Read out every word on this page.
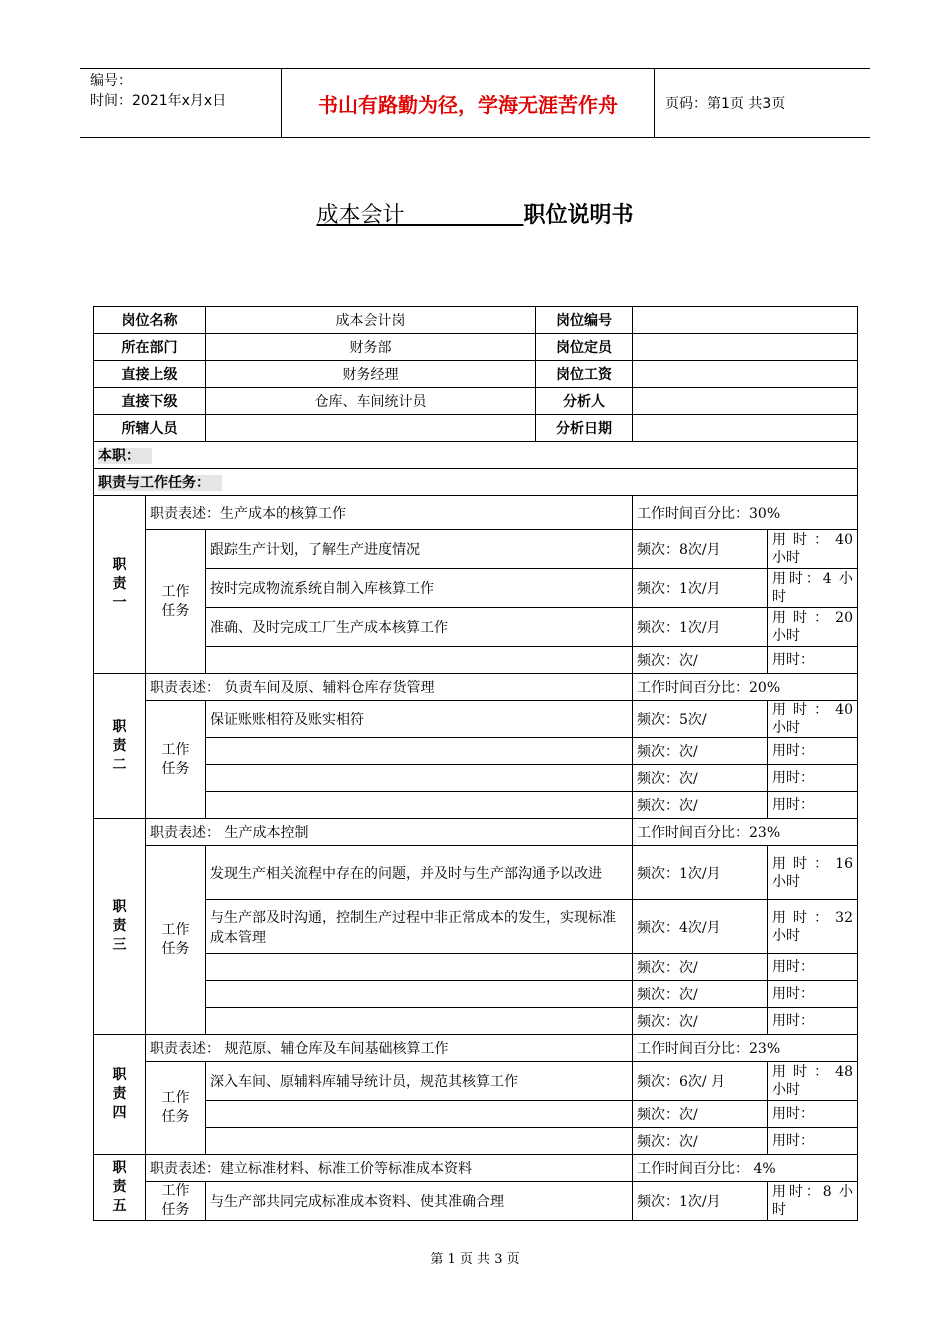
编号：
时间：2021年x月x日	书山有路勤为径，学海无涯苦作舟	页码：第1页 共3页
成本会计	职位说明书
岗位名称		成本会计岗	岗位编号		
所在部门		财务部	岗位定员		
直接上级		财务经理	岗位工资		
直接下级		仓库、车间统计员	分析人		
所辖人员			分析日期		
本职：					
职责与工作任务：					

职
责
一	职责表述：生产成本的核算工作			工作时间百分比：30%	

	工作
任务	跟踪生产计划，了解生产进度情况		频次：8次/月	用 时 ： 40小时
		按时完成物流系统自制入库核算工作		频次：1次/月	用时：4 小时
		准确、及时完成工厂生产成本核算工作		频次：1次/月	用 时 ： 20小时
				频次：次/	用时：

职
责
二	职责表述： 负责车间及原、辅料仓库存货管理			工作时间百分比：20%	

	工作
任务	保证账账相符及账实相符		频次：5次/	用 时 ： 40小时
				频次：次/	用时：
				频次：次/	用时：
				频次：次/	用时：

职
责
三	职责表述： 生产成本控制			工作时间百分比：23%	

	工作
任务	发现生产相关流程中存在的问题，并及时与生产部沟通予以改进		频次：1次/月	用 时 ： 16小时
		与生产部及时沟通，控制生产过程中非正常成本的发生，实现标准成本管理		频次：4次/月	用 时 ： 32小时
				频次：次/	用时：
				频次：次/	用时：
				频次：次/	用时：

职
责
四	职责表述： 规范原、辅仓库及车间基础核算工作			工作时间百分比：23%	

	工作
任务	深入车间、原辅料库辅导统计员，规范其核算工作		频次：6次/ 月	用 时 ： 48小时
				频次：次/	用时：
				频次：次/	用时：

职
责
五	职责表述：建立标准材料、标准工价等标准成本资料			工作时间百分比： 4%	

	工作
任务	与生产部共同完成标准成本资料、使其准确合理		频次：1次/月	用时：8 小时
第 1 页 共 3 页
